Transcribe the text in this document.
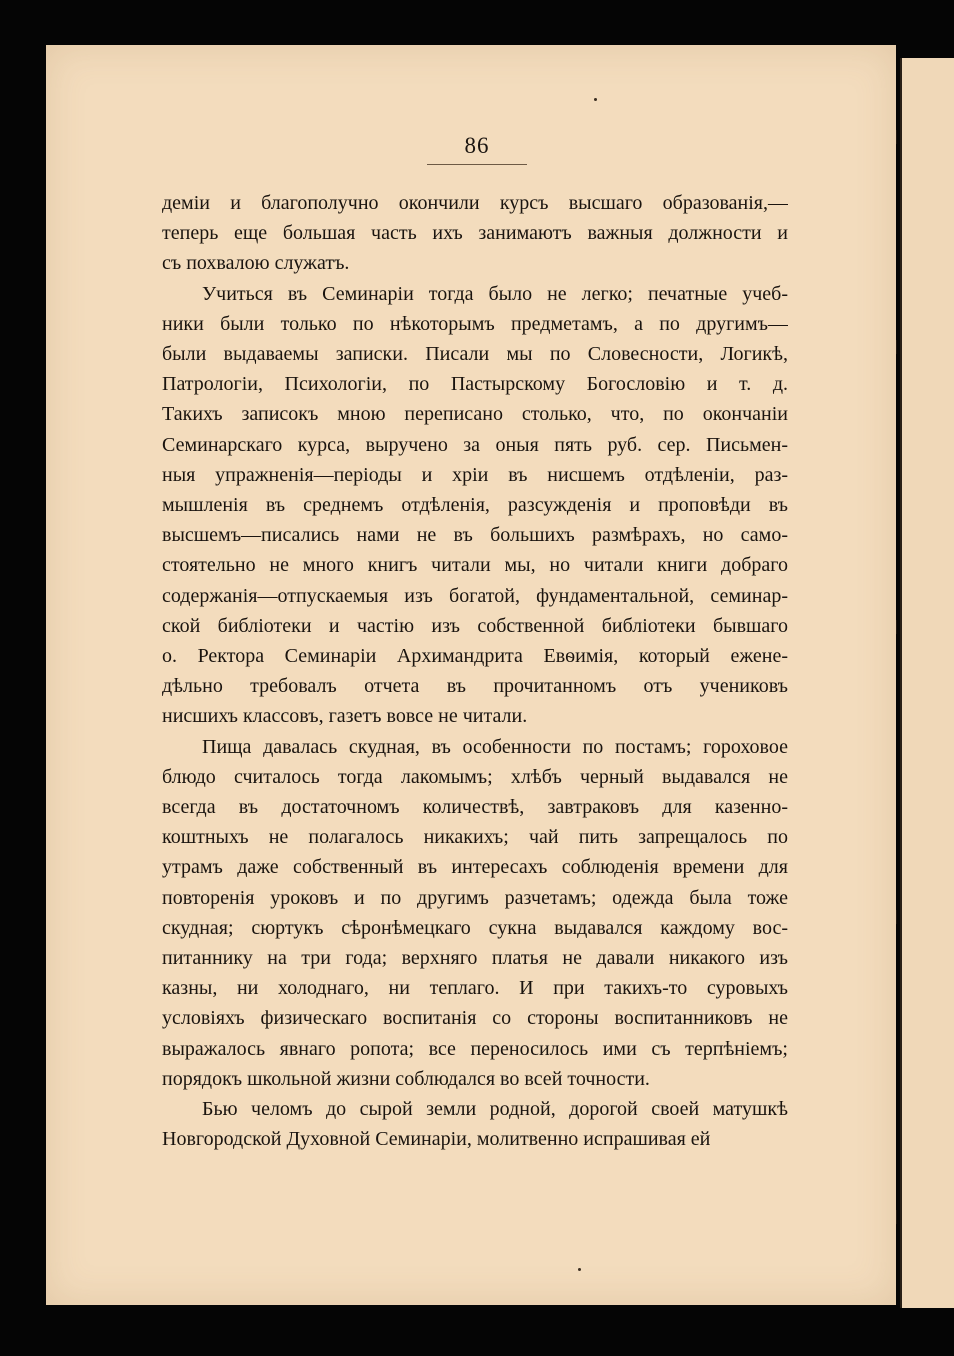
86
деміи и благополучно окончили курсъ высшаго образованія,—
теперь еще большая часть ихъ занимаютъ важныя должности и
съ похвалою служатъ.
Учиться въ Семинаріи тогда было не легко; печатные учеб-
ники были только по нѣкоторымъ предметамъ, а по другимъ—
были выдаваемы записки. Писали мы по Словесности, Логикѣ,
Патрологіи, Психологіи, по Пастырскому Богословію и т. д.
Такихъ записокъ мною переписано столько, что, по окончаніи
Семинарскаго курса, выручено за оныя пять руб. сер. Письмен-
ныя упражненія—періоды и хріи въ нисшемъ отдѣленіи, раз-
мышленія въ среднемъ отдѣленія, разсужденія и проповѣди въ
высшемъ—писались нами не въ большихъ размѣрахъ, но само-
стоятельно не много книгъ читали мы, но читали книги добраго
содержанія—отпускаемыя изъ богатой, фундаментальной, семинар-
ской библіотеки и частію изъ собственной библіотеки бывшаго
о. Ректора Семинаріи Архимандрита Евѳимія, который еженe-
дѣльно требовалъ отчета въ прочитанномъ отъ учениковъ
нисшихъ классовъ, газетъ вовсе не читали.
Пища давалась скудная, въ особенности по постамъ; гороховое
блюдо считалось тогда лакомымъ; хлѣбъ черный выдавался не
всегда въ достаточномъ количествѣ, завтраковъ для казенно-
коштныхъ не полагалось никакихъ; чай пить запрещалось по
утрамъ даже собственный въ интересахъ соблюденія времени для
повторенія уроковъ и по другимъ разчетамъ; одежда была тоже
скудная; сюртукъ сѣронѣмецкаго сукна выдавался каждому вос-
питаннику на три года; верхняго платья не давали никакого изъ
казны, ни холоднаго, ни теплаго. И при такихъ-то суровыхъ
условіяхъ физическаго воспитанія со стороны воспитанниковъ не
выражалось явнаго ропота; все переносилось ими съ терпѣніемъ;
порядокъ школьной жизни соблюдался во всей точности.
Бью челомъ до сырой земли родной, дорогой своей матушкѣ
Новгородской Духовной Семинаріи, молитвенно испрашивая ей
